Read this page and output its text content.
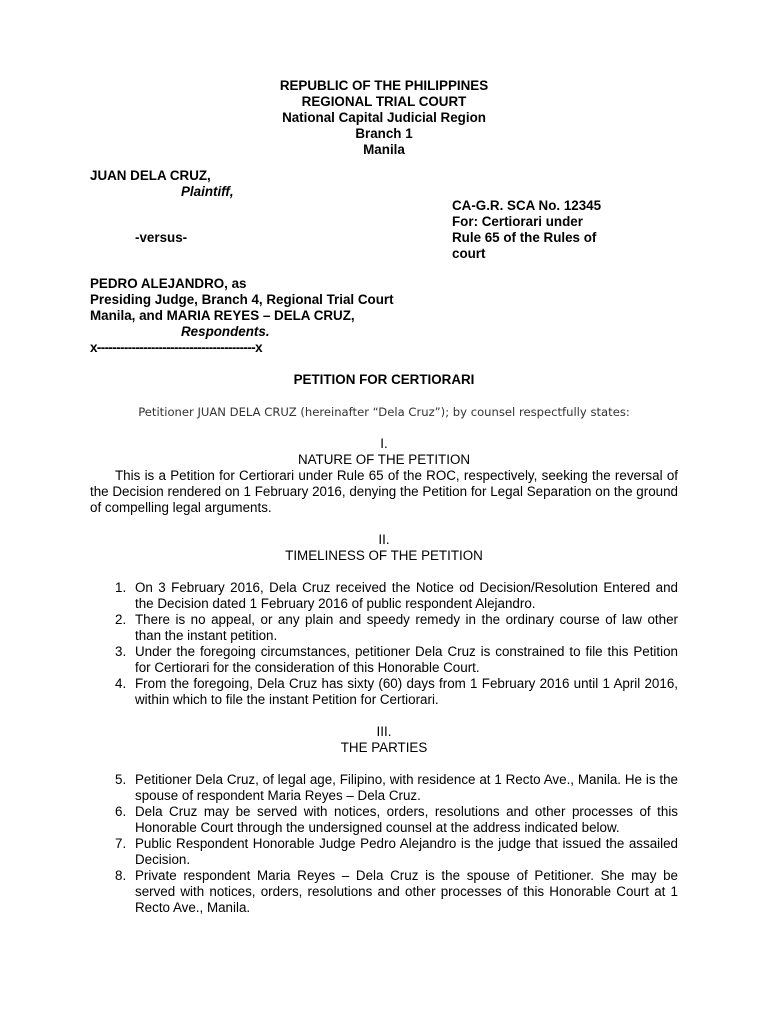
REPUBLIC OF THE PHILIPPINES

REGIONAL TRIAL COURT

National Capital Judicial Region

Branch 1

Manila

JUAN DELA CRUZ,

Plaintiff,

CA-G.R. SCA No. 12345

For: Certiorari under

Rule 65 of the Rules of

court

-versus-

PEDRO ALEJANDRO, as

Presiding Judge, Branch 4, Regional Trial Court

Manila, and MARIA REYES – DELA CRUZ,

Respondents.

x-----------------------------------------x

PETITION FOR CERTIORARI

Petitioner JUAN DELA CRUZ (hereinafter “Dela Cruz”); by counsel respectfully states:

I.

NATURE OF THE PETITION

This is a Petition for Certiorari under Rule 65 of the ROC, respectively, seeking the reversal of the Decision rendered on 1 February 2016, denying the Petition for Legal Separation on the ground of compelling legal arguments.

II.

TIMELINESS OF THE PETITION

1. On 3 February 2016, Dela Cruz received the Notice od Decision/Resolution Entered and the Decision dated 1 February 2016 of public respondent Alejandro.
2. There is no appeal, or any plain and speedy remedy in the ordinary course of law other than the instant petition.
3. Under the foregoing circumstances, petitioner Dela Cruz is constrained to file this Petition for Certiorari for the consideration of this Honorable Court.
4. From the foregoing, Dela Cruz has sixty (60) days from 1 February 2016 until 1 April 2016, within which to file the instant Petition for Certiorari.

III.

THE PARTIES

5. Petitioner Dela Cruz, of legal age, Filipino, with residence at 1 Recto Ave., Manila. He is the spouse of respondent Maria Reyes – Dela Cruz.
6. Dela Cruz may be served with notices, orders, resolutions and other processes of this Honorable Court through the undersigned counsel at the address indicated below.
7. Public Respondent Honorable Judge Pedro Alejandro is the judge that issued the assailed Decision.
8. Private respondent Maria Reyes – Dela Cruz is the spouse of Petitioner. She may be served with notices, orders, resolutions and other processes of this Honorable Court at 1 Recto Ave., Manila.
